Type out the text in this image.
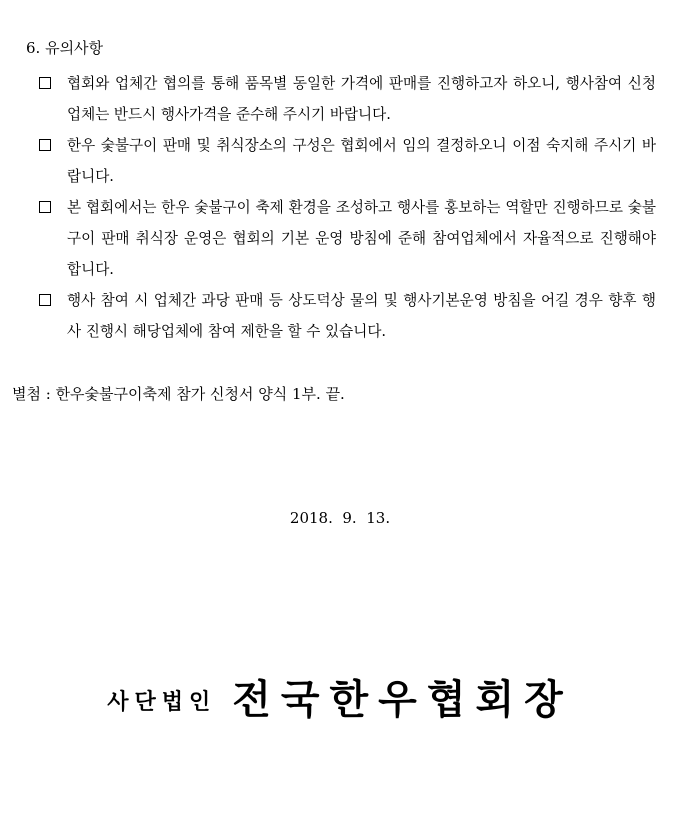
6. 유의사항
협회와 업체간 협의를 통해 품목별 동일한 가격에 판매를 진행하고자 하오니, 행사참여 신청업체는 반드시 행사가격을 준수해 주시기 바랍니다.
한우 숯불구이 판매 및 취식장소의 구성은 협회에서 임의 결정하오니 이점 숙지해 주시기 바랍니다.
본 협회에서는 한우 숯불구이 축제 환경을 조성하고 행사를 홍보하는 역할만 진행하므로 숯불구이 판매 취식장 운영은 협회의 기본 운영 방침에 준해 참여업체에서 자율적으로 진행해야 합니다.
행사 참여 시 업체간 과당 판매 등 상도덕상 물의 및 행사기본운영 방침을 어길 경우 향후 행사 진행시 해당업체에 참여 제한을 할 수 있습니다.
별첨 : 한우숯불구이축제 참가 신청서 양식 1부. 끝.
2018.  9.  13.
사단법인 전국한우협회장
